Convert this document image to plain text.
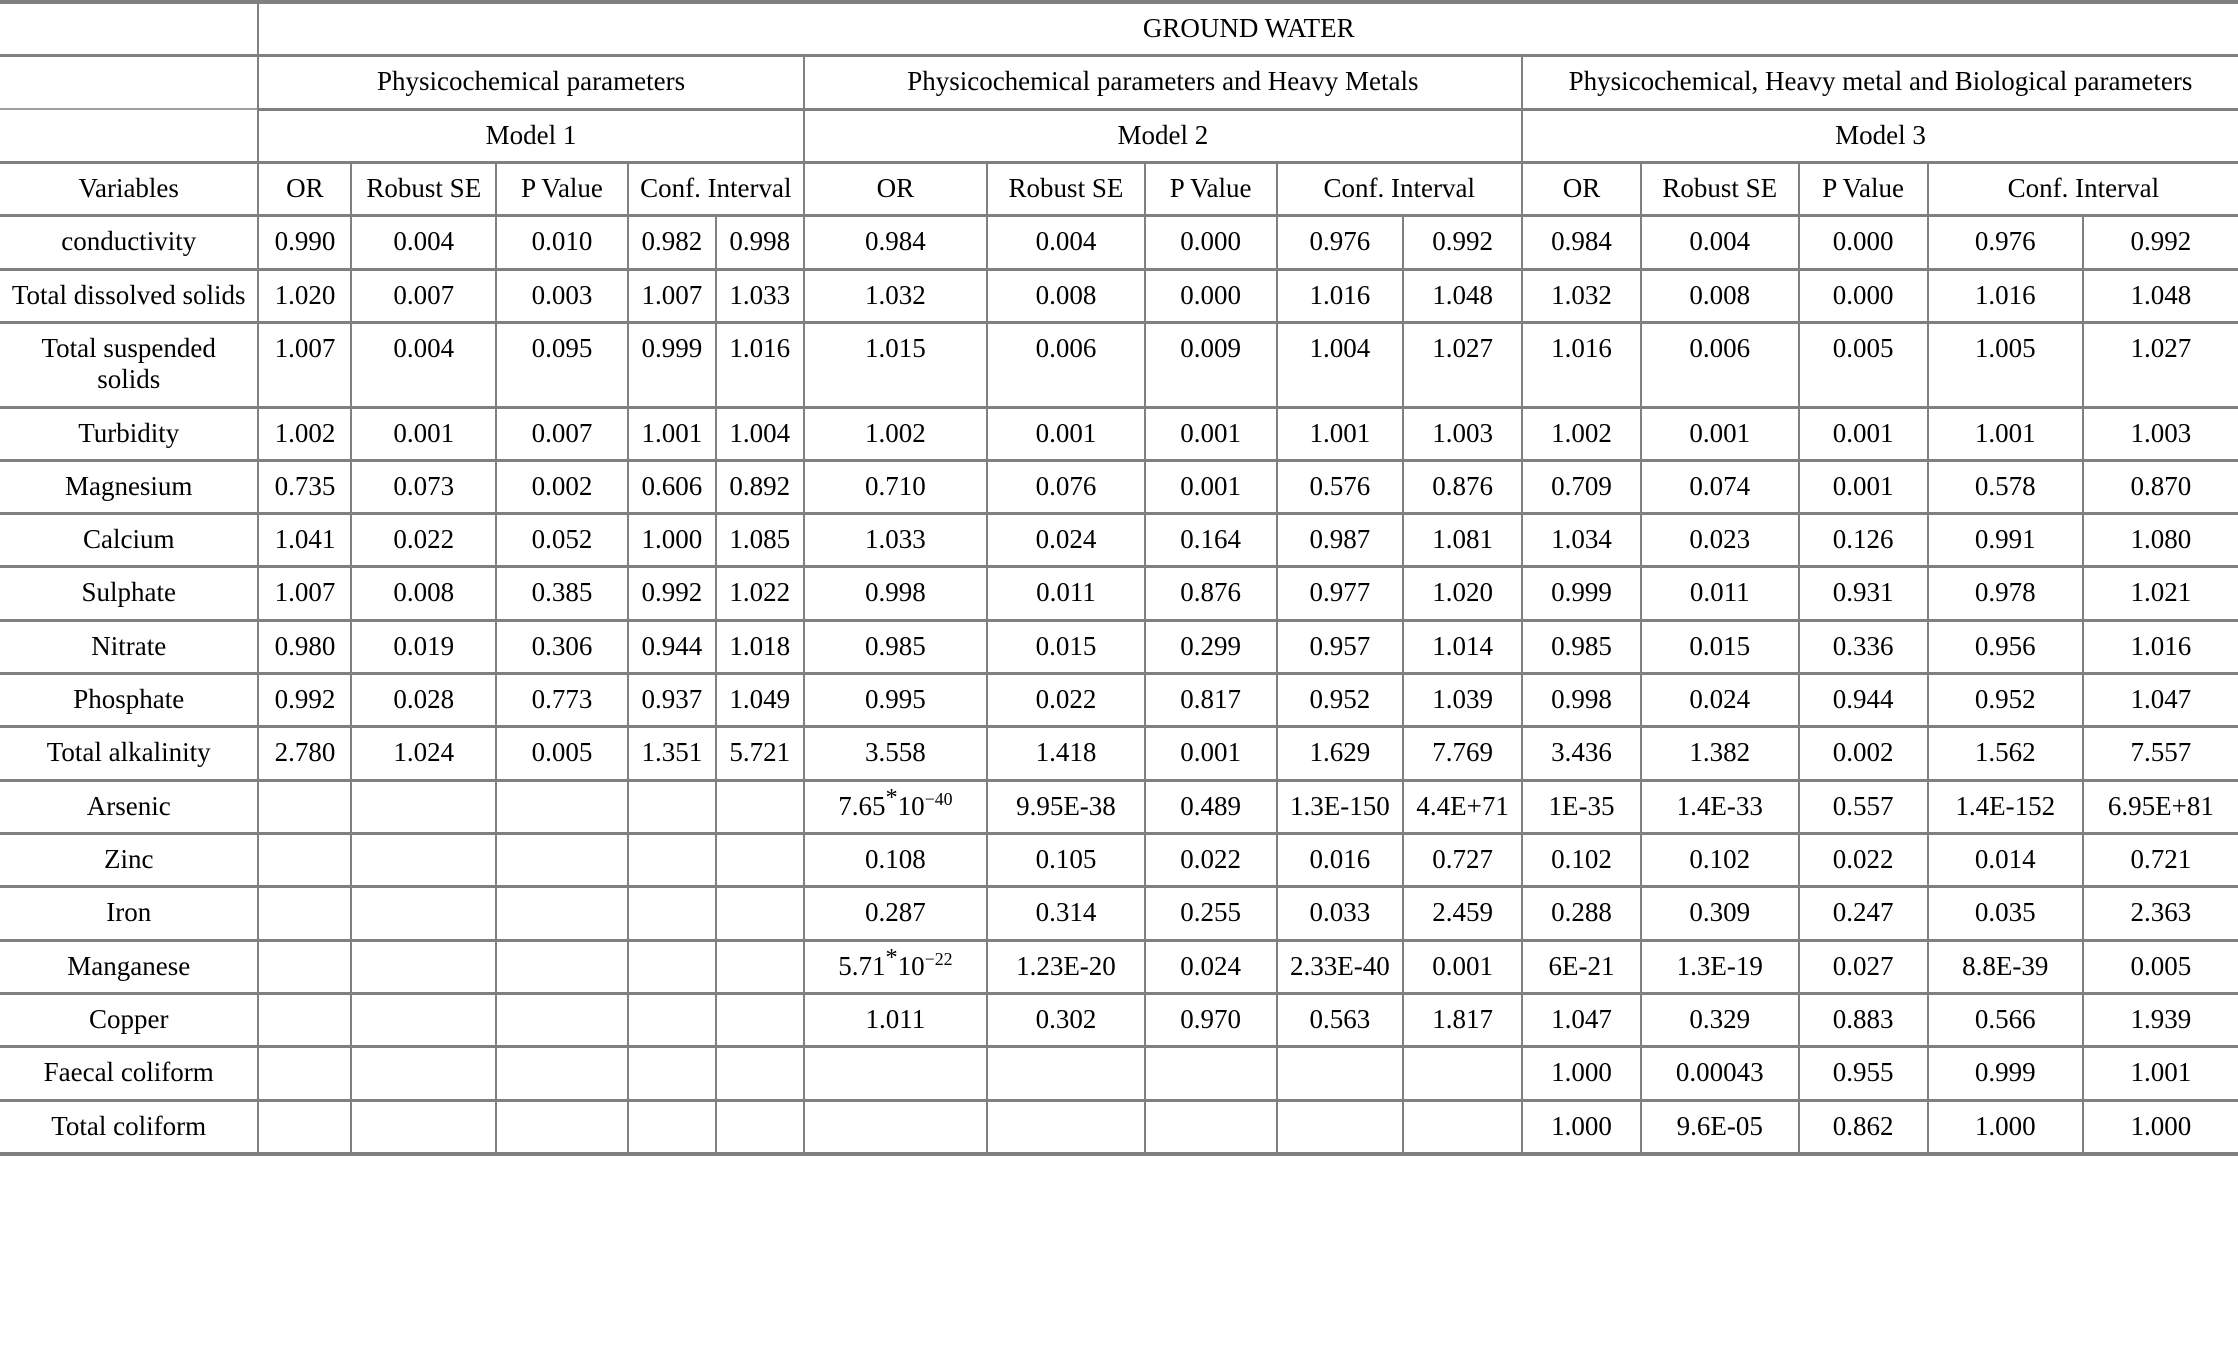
	GROUND WATER														
	Physicochemical parameters					Physicochemical parameters and Heavy Metals					Physicochemical, Heavy metal and Biological parameters				
	Model 1					Model 2					Model 3				
Variables	OR	Robust SE	P Value	Conf. Interval		OR	Robust SE	P Value	Conf. Interval		OR	Robust SE	P Value	Conf. Interval	
conductivity	0.990	0.004	0.010	0.982	0.998	0.984	0.004	0.000	0.976	0.992	0.984	0.004	0.000	0.976	0.992
Total dissolved solids	1.020	0.007	0.003	1.007	1.033	1.032	0.008	0.000	1.016	1.048	1.032	0.008	0.000	1.016	1.048
Total suspended solids	1.007	0.004	0.095	0.999	1.016	1.015	0.006	0.009	1.004	1.027	1.016	0.006	0.005	1.005	1.027
Turbidity	1.002	0.001	0.007	1.001	1.004	1.002	0.001	0.001	1.001	1.003	1.002	0.001	0.001	1.001	1.003
Magnesium	0.735	0.073	0.002	0.606	0.892	0.710	0.076	0.001	0.576	0.876	0.709	0.074	0.001	0.578	0.870
Calcium	1.041	0.022	0.052	1.000	1.085	1.033	0.024	0.164	0.987	1.081	1.034	0.023	0.126	0.991	1.080
Sulphate	1.007	0.008	0.385	0.992	1.022	0.998	0.011	0.876	0.977	1.020	0.999	0.011	0.931	0.978	1.021
Nitrate	0.980	0.019	0.306	0.944	1.018	0.985	0.015	0.299	0.957	1.014	0.985	0.015	0.336	0.956	1.016
Phosphate	0.992	0.028	0.773	0.937	1.049	0.995	0.022	0.817	0.952	1.039	0.998	0.024	0.944	0.952	1.047
Total alkalinity	2.780	1.024	0.005	1.351	5.721	3.558	1.418	0.001	1.629	7.769	3.436	1.382	0.002	1.562	7.557
Arsenic						$7.65*10^{-40}$	9.95E-38	0.489	1.3E-150	4.4E+71	1E-35	1.4E-33	0.557	1.4E-152	6.95E+81
Zinc						0.108	0.105	0.022	0.016	0.727	0.102	0.102	0.022	0.014	0.721
Iron						0.287	0.314	0.255	0.033	2.459	0.288	0.309	0.247	0.035	2.363
Manganese						$5.71*10^{-22}$	1.23E-20	0.024	2.33E-40	0.001	6E-21	1.3E-19	0.027	8.8E-39	0.005
Copper						1.011	0.302	0.970	0.563	1.817	1.047	0.329	0.883	0.566	1.939
Faecal coliform											1.000	0.00043	0.955	0.999	1.001
Total coliform											1.000	9.6E-05	0.862	1.000	1.000
